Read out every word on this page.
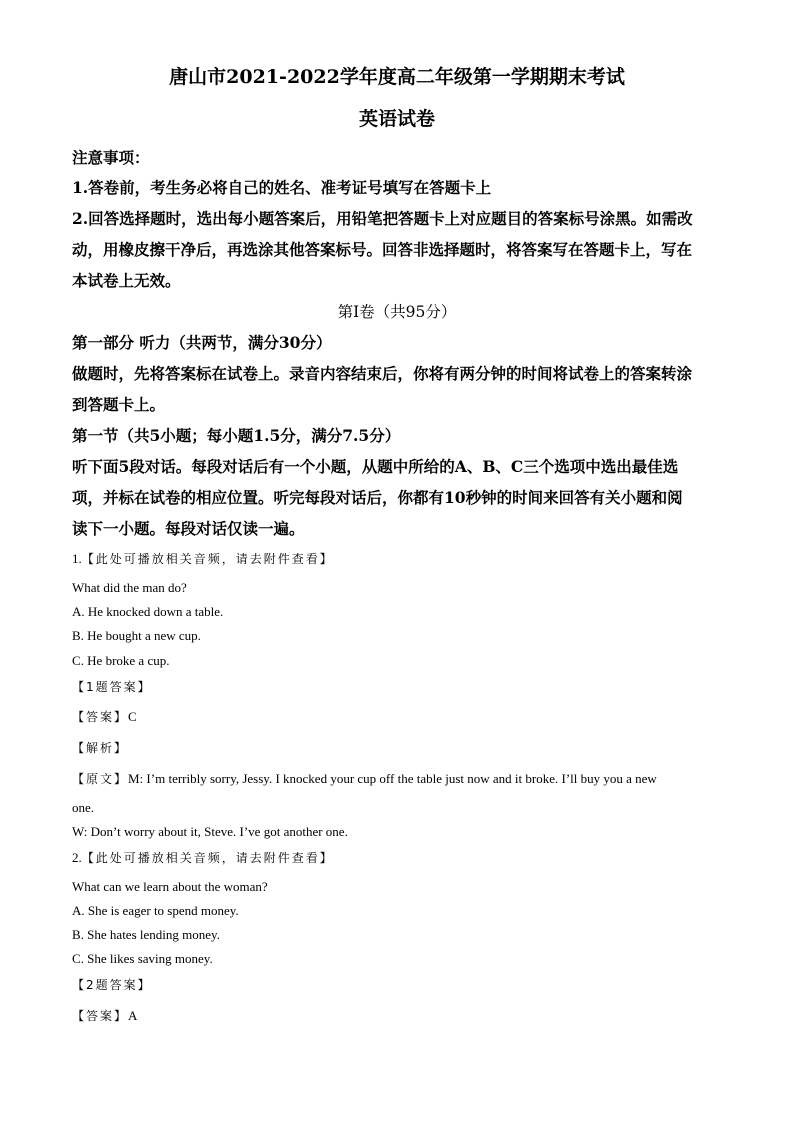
唐山市2021-2022学年度高二年级第一学期期末考试
英语试卷
注意事项：
1.答卷前，考生务必将自己的姓名、准考证号填写在答题卡上
2.回答选择题时，选出每小题答案后，用铅笔把答题卡上对应题目的答案标号涂黑。如需改
动，用橡皮擦干净后，再选涂其他答案标号。回答非选择题时，将答案写在答题卡上，写在
本试卷上无效。
第I卷（共95分）
第一部分 听力（共两节，满分30分）
做题时，先将答案标在试卷上。录音内容结束后，你将有两分钟的时间将试卷上的答案转涂
到答题卡上。
第一节（共5小题；每小题1.5分，满分7.5分）
听下面5段对话。每段对话后有一个小题，从题中所给的A、B、C三个选项中选出最佳选
项，并标在试卷的相应位置。听完每段对话后，你都有10秒钟的时间来回答有关小题和阅
读下一小题。每段对话仅读一遍。
1.【此处可播放相关音频，请去附件查看】
What did the man do?
A. He knocked down a table.
B. He bought a new cup.
C. He broke a cup.
【1题答案】
【答案】C
【解析】
【原文】M: I’m terribly sorry, Jessy. I knocked your cup off the table just now and it broke. I’ll buy you a new
one.
W: Don’t worry about it, Steve. I’ve got another one.
2.【此处可播放相关音频，请去附件查看】
What can we learn about the woman?
A. She is eager to spend money.
B. She hates lending money.
C. She likes saving money.
【2题答案】
【答案】A
